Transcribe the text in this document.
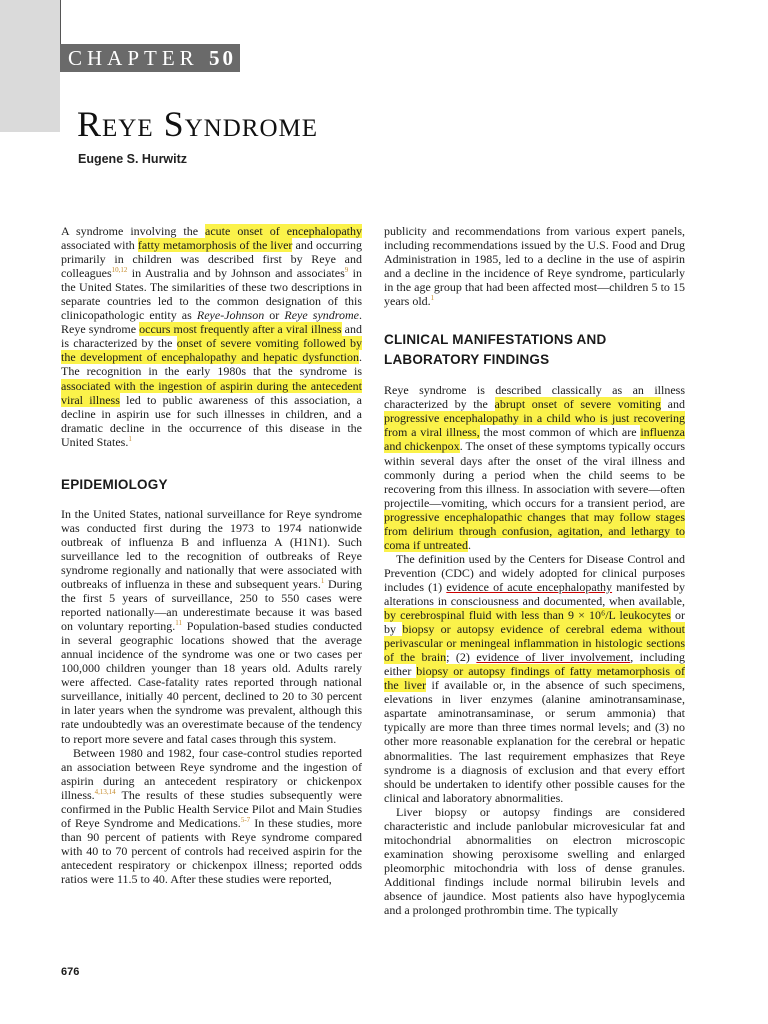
CHAPTER 50
Reye Syndrome
Eugene S. Hurwitz

A syndrome involving the acute onset of encephalopathy associated with fatty metamorphosis of the liver and occurring primarily in children was described first by Reye and colleagues$^{10,12}$ in Australia and by Johnson and associates$^9$ in the United States. The similarities of these two descriptions in separate countries led to the common designation of this clinicopathologic entity as Reye-Johnson or Reye syndrome. Reye syndrome occurs most frequently after a viral illness and is characterized by the onset of severe vomiting followed by the development of encephalopathy and hepatic dysfunction. The recognition in the early 1980s that the syndrome is associated with the ingestion of aspirin during the antecedent viral illness led to public awareness of this association, a decline in aspirin use for such illnesses in children, and a dramatic decline in the occurrence of this disease in the United States.$^1$

EPIDEMIOLOGY

In the United States, national surveillance for Reye syndrome was conducted first during the 1973 to 1974 nationwide outbreak of influenza B and influenza A (H1N1). Such surveillance led to the recognition of outbreaks of Reye syndrome regionally and nationally that were associated with outbreaks of influenza in these and subsequent years.$^1$ During the first 5 years of surveillance, 250 to 550 cases were reported nationally—an underestimate because it was based on voluntary reporting.$^{11}$ Population-based studies conducted in several geographic locations showed that the average annual incidence of the syndrome was one or two cases per 100,000 children younger than 18 years old. Adults rarely were affected. Case-fatality rates reported through national surveillance, initially 40 percent, declined to 20 to 30 percent in later years when the syndrome was prevalent, although this rate undoubtedly was an overestimate because of the tendency to report more severe and fatal cases through this system.

Between 1980 and 1982, four case-control studies reported an association between Reye syndrome and the ingestion of aspirin during an antecedent respiratory or chickenpox illness.$^{4,13,14}$ The results of these studies subsequently were confirmed in the Public Health Service Pilot and Main Studies of Reye Syndrome and Medications.$^{5-7}$ In these studies, more than 90 percent of patients with Reye syndrome compared with 40 to 70 percent of controls had received aspirin for the antecedent respiratory or chickenpox illness; reported odds ratios were 11.5 to 40. After these studies were reported,

publicity and recommendations from various expert panels, including recommendations issued by the U.S. Food and Drug Administration in 1985, led to a decline in the use of aspirin and a decline in the incidence of Reye syndrome, particularly in the age group that had been affected most—children 5 to 15 years old.$^1$

CLINICAL MANIFESTATIONS AND LABORATORY FINDINGS

Reye syndrome is described classically as an illness characterized by the abrupt onset of severe vomiting and progressive encephalopathy in a child who is just recovering from a viral illness, the most common of which are influenza and chickenpox. The onset of these symptoms typically occurs within several days after the onset of the viral illness and commonly during a period when the child seems to be recovering from this illness. In association with severe—often projectile—vomiting, which occurs for a transient period, are progressive encephalopathic changes that may follow stages from delirium through confusion, agitation, and lethargy to coma if untreated.

The definition used by the Centers for Disease Control and Prevention (CDC) and widely adopted for clinical purposes includes (1) evidence of acute encephalopathy manifested by alterations in consciousness and documented, when available, by cerebrospinal fluid with less than 9 × 10⁶/L leukocytes or by biopsy or autopsy evidence of cerebral edema without perivascular or meningeal inflammation in histologic sections of the brain; (2) evidence of liver involvement, including either biopsy or autopsy findings of fatty metamorphosis of the liver if available or, in the absence of such specimens, elevations in liver enzymes (alanine aminotransaminase, aspartate aminotransaminase, or serum ammonia) that typically are more than three times normal levels; and (3) no other more reasonable explanation for the cerebral or hepatic abnormalities. The last requirement emphasizes that Reye syndrome is a diagnosis of exclusion and that every effort should be undertaken to identify other possible causes for the clinical and laboratory abnormalities.

Liver biopsy or autopsy findings are considered characteristic and include panlobular microvesicular fat and mitochondrial abnormalities on electron microscopic examination showing peroxisome swelling and enlarged pleomorphic mitochondria with loss of dense granules. Additional findings include normal bilirubin levels and absence of jaundice. Most patients also have hypoglycemia and a prolonged prothrombin time. The typically

676
